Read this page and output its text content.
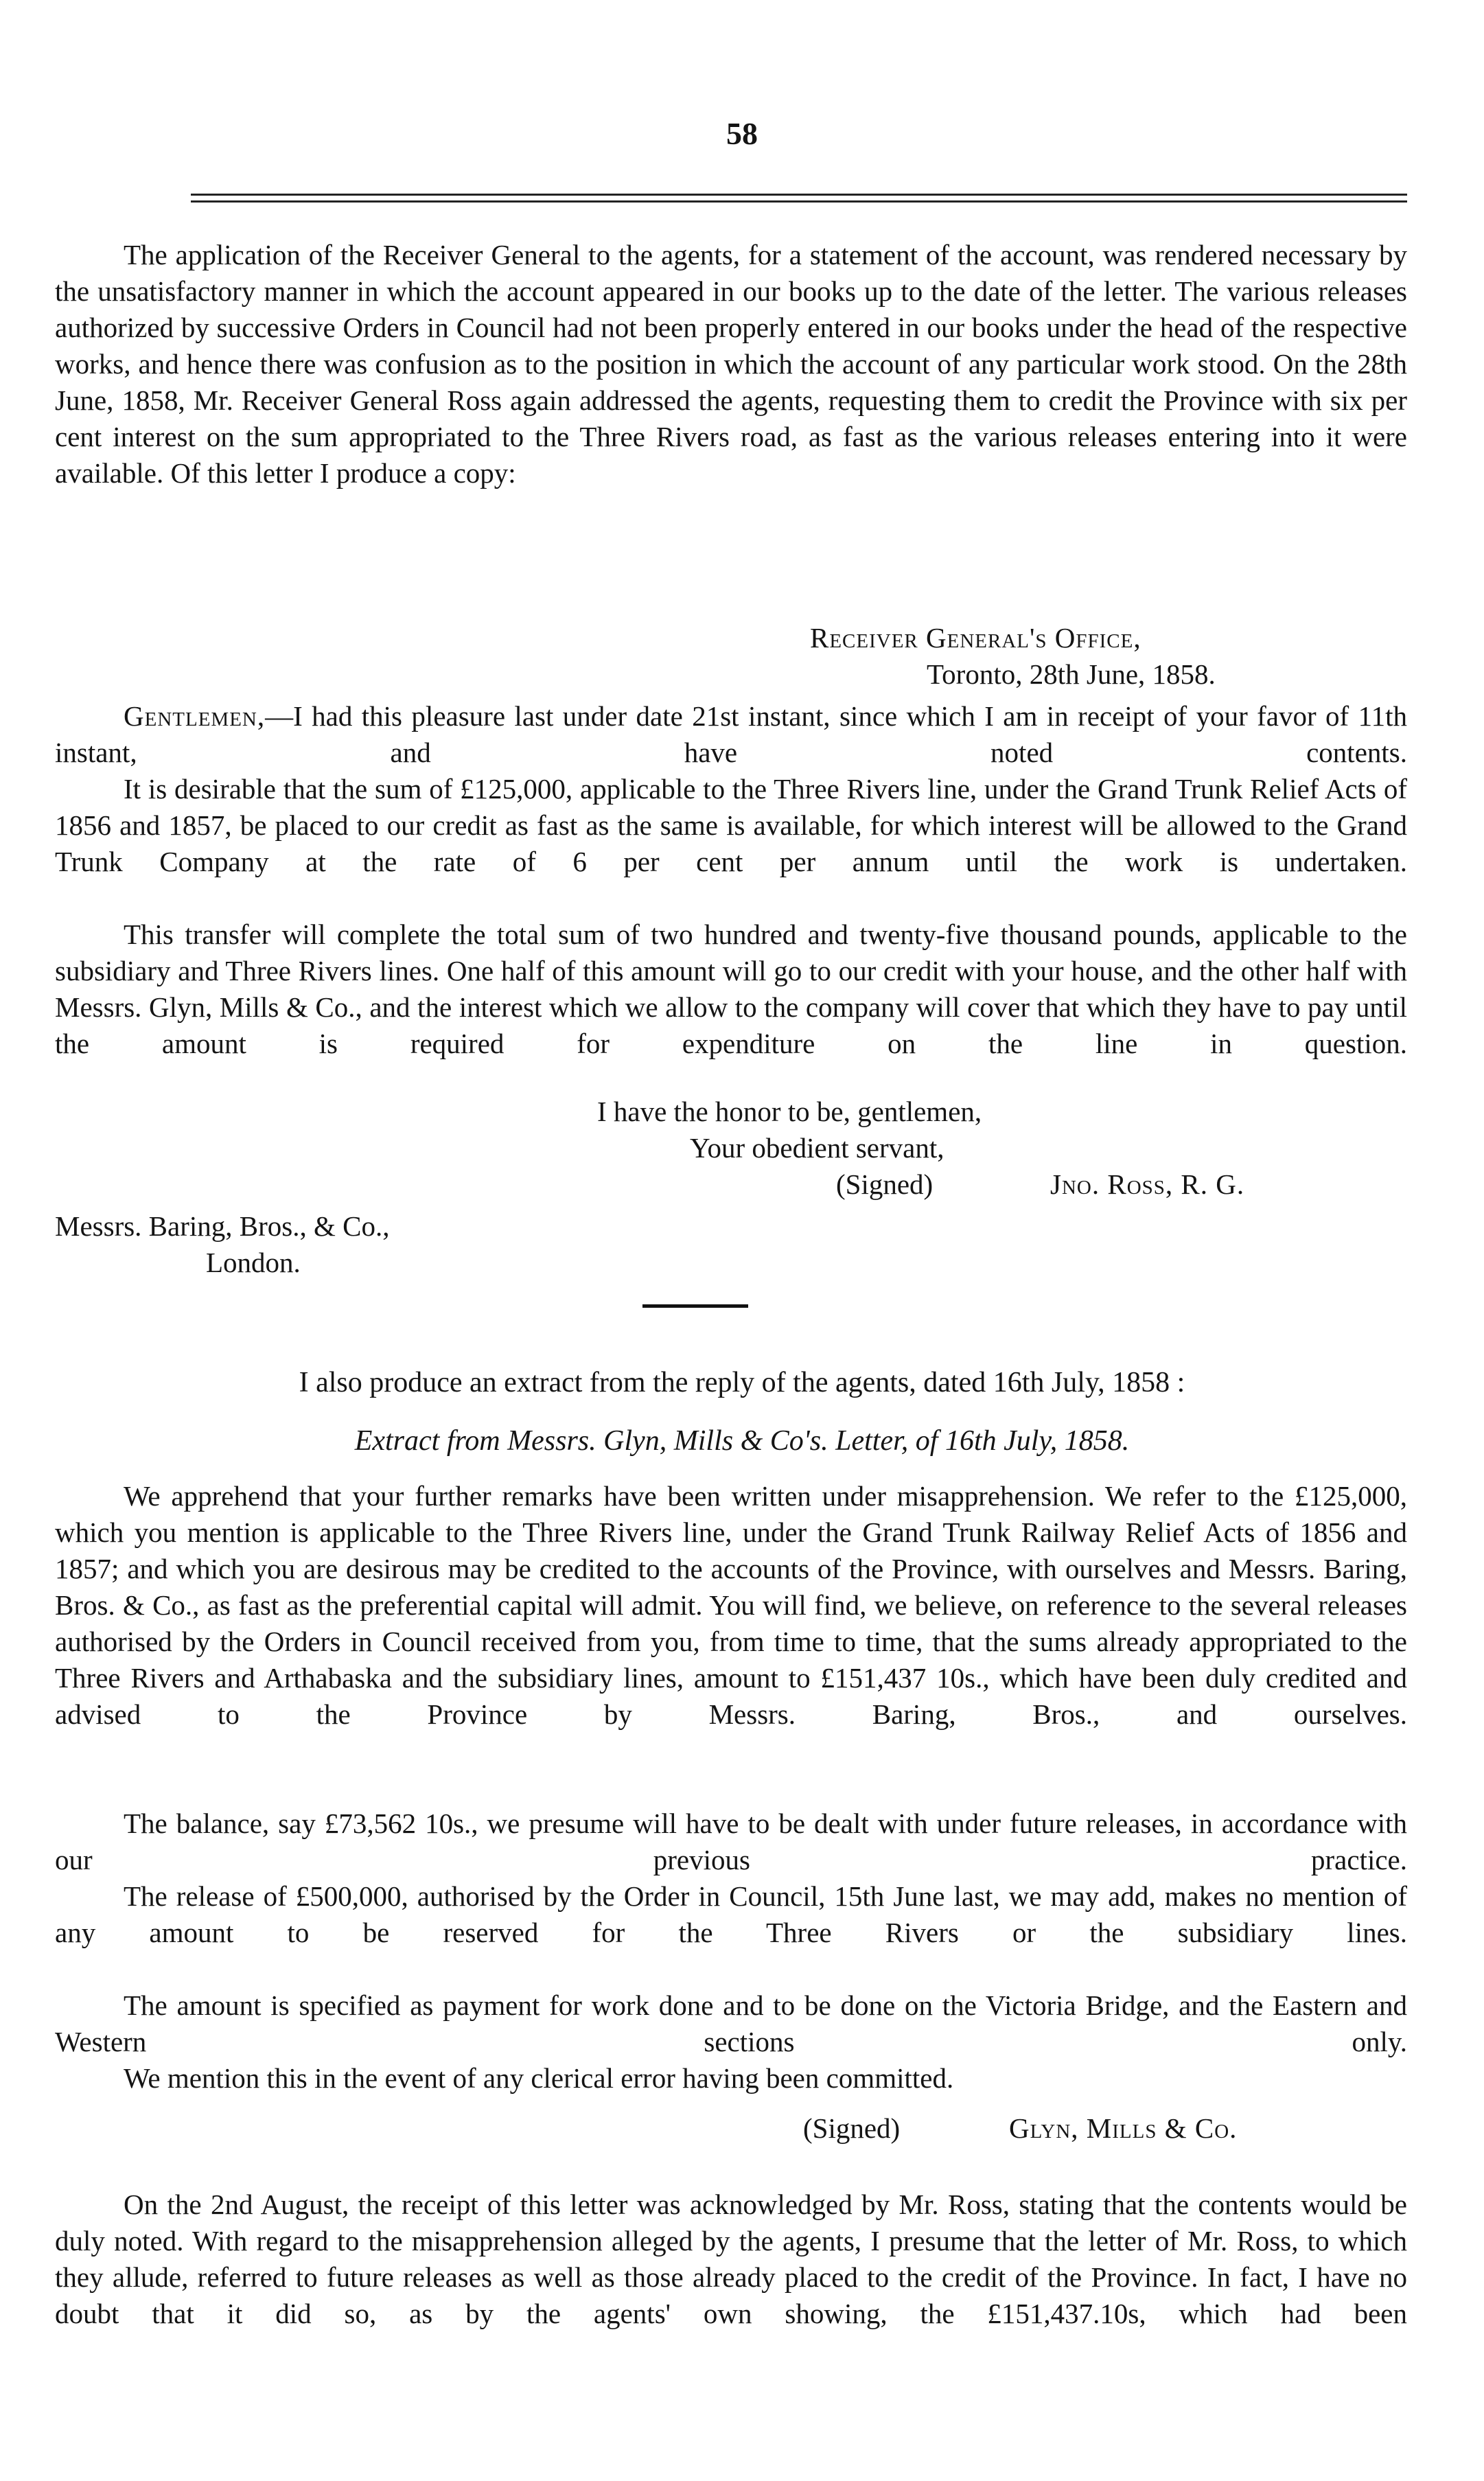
58
The application of the Receiver General to the agents, for a statement of the account, was rendered necessary by the unsatisfactory manner in which the account appeared in our books up to the date of the letter. The various releases authorized by successive Orders in Council had not been properly entered in our books under the head of the respective works, and hence there was confusion as to the position in which the account of any particular work stood. On the 28th June, 1858, Mr. Receiver General Ross again addressed the agents, requesting them to credit the Province with six per cent interest on the sum appropriated to the Three Rivers road, as fast as the various releases entering into it were available. Of this letter I produce a copy:
Receiver General's Office,
Toronto, 28th June, 1858.
Gentlemen,—I had this pleasure last under date 21st instant, since which I am in receipt of your favor of 11th instant, and have noted contents.
It is desirable that the sum of £125,000, applicable to the Three Rivers line, under the Grand Trunk Relief Acts of 1856 and 1857, be placed to our credit as fast as the same is available, for which interest will be allowed to the Grand Trunk Company at the rate of 6 per cent per annum until the work is undertaken.
This transfer will complete the total sum of two hundred and twenty-five thousand pounds, applicable to the subsidiary and Three Rivers lines. One half of this amount will go to our credit with your house, and the other half with Messrs. Glyn, Mills & Co., and the interest which we allow to the company will cover that which they have to pay until the amount is required for expenditure on the line in question.
I have the honor to be, gentlemen,
Your obedient servant,
(Signed)	Jno. Ross, R. G.
Messrs. Baring, Bros., & Co.,
London.
I also produce an extract from the reply of the agents, dated 16th July, 1858 :
Extract from Messrs. Glyn, Mills & Co's. Letter, of 16th July, 1858.
We apprehend that your further remarks have been written under misapprehension. We refer to the £125,000, which you mention is applicable to the Three Rivers line, under the Grand Trunk Railway Relief Acts of 1856 and 1857; and which you are desirous may be credited to the accounts of the Province, with ourselves and Messrs. Baring, Bros. & Co., as fast as the preferential capital will admit. You will find, we believe, on reference to the several releases authorised by the Orders in Council received from you, from time to time, that the sums already appropriated to the Three Rivers and Arthabaska and the subsidiary lines, amount to £151,437 10s., which have been duly credited and advised to the Province by Messrs. Baring, Bros., and ourselves.
The balance, say £73,562 10s., we presume will have to be dealt with under future releases, in accordance with our previous practice.
The release of £500,000, authorised by the Order in Council, 15th June last, we may add, makes no mention of any amount to be reserved for the Three Rivers or the subsidiary lines.
The amount is specified as payment for work done and to be done on the Victoria Bridge, and the Eastern and Western sections only.
We mention this in the event of any clerical error having been committed.
(Signed)	Glyn, Mills & Co.
On the 2nd August, the receipt of this letter was acknowledged by Mr. Ross, stating that the contents would be duly noted. With regard to the misapprehension alleged by the agents, I presume that the letter of Mr. Ross, to which they allude, referred to future releases as well as those already placed to the credit of the Province. In fact, I have no doubt that it did so, as by the agents' own showing, the £151,437.10s, which had been
